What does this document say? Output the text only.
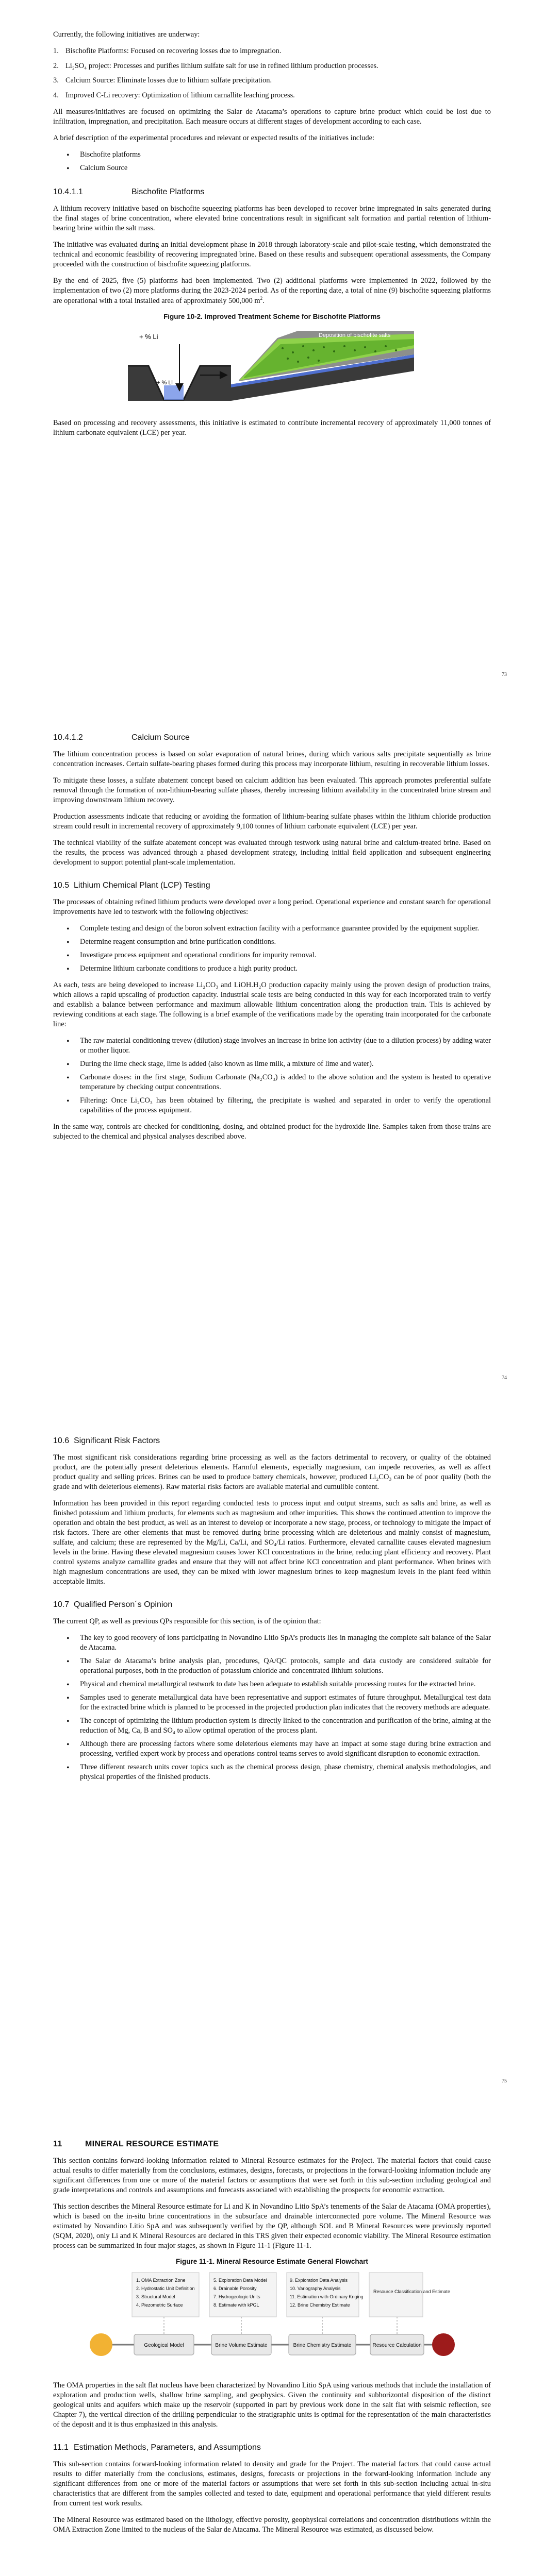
Currently, the following initiatives are underway:

1. Bischofite Platforms: Focused on recovering losses due to impregnation.
2. Li₂SO₄ project: Processes and purifies lithium sulfate salt for use in refined lithium production processes.
3. Calcium Source: Eliminate losses due to lithium sulfate precipitation.
4. Improved C-Li recovery: Optimization of lithium carnallite leaching process.

All measures/initiatives are focused on optimizing the Salar de Atacama’s operations to capture brine product which could be lost due to infiltration, impregnation, and precipitation. Each measure occurs at different stages of development according to each case.

A brief description of the experimental procedures and relevant or expected results of the initiatives include:

• Bischofite platforms
• Calcium Source
10.4.1.1	Bischofite Platforms

A lithium recovery initiative based on bischofite squeezing platforms has been developed to recover brine impregnated in salts generated during the final stages of brine concentration, where elevated brine concentrations result in significant salt formation and partial retention of lithium-bearing brine within the salt mass.

The initiative was evaluated during an initial development phase in 2018 through laboratory-scale and pilot-scale testing, which demonstrated the technical and economic feasibility of recovering impregnated brine. Based on these results and subsequent operational assessments, the Company proceeded with the construction of bischofite squeezing platforms.

By the end of 2025, five (5) platforms had been implemented. Two (2) additional platforms were implemented in 2022, followed by the implementation of two (2) more platforms during the 2023-2024 period. As of the reporting date, a total of nine (9) bischofite squeezing platforms are operational with a total installed area of approximately 500,000 $m^2$.

Figure 10-2. Improved Treatment Scheme for Bischofite Platforms
+ % Li
+ % Li
Deposition of bischofite salts

Based on processing and recovery assessments, this initiative is estimated to contribute incremental recovery of approximately 11,000 tonnes of lithium carbonate equivalent (LCE) per year.

73
10.4.1.2	Calcium Source

The lithium concentration process is based on solar evaporation of natural brines, during which various salts precipitate sequentially as brine concentration increases. Certain sulfate-bearing phases formed during this process may incorporate lithium, resulting in recoverable lithium losses.

To mitigate these losses, a sulfate abatement concept based on calcium addition has been evaluated. This approach promotes preferential sulfate removal through the formation of non-lithium-bearing sulfate phases, thereby increasing lithium availability in the concentrated brine stream and improving downstream lithium recovery.

Production assessments indicate that reducing or avoiding the formation of lithium-bearing sulfate phases within the lithium chloride production stream could result in incremental recovery of approximately 9,100 tonnes of lithium carbonate equivalent (LCE) per year.

The technical viability of the sulfate abatement concept was evaluated through testwork using natural brine and calcium-treated brine. Based on the results, the process was advanced through a phased development strategy, including initial field application and subsequent engineering development to support potential plant-scale implementation.

10.5 Lithium Chemical Plant (LCP) Testing

The processes of obtaining refined lithium products were developed over a long period. Operational experience and constant search for operational improvements have led to testwork with the following objectives:

• Complete testing and design of the boron solvent extraction facility with a performance guarantee provided by the equipment supplier.
• Determine reagent consumption and brine purification conditions.
• Investigate process equipment and operational conditions for impurity removal.
• Determine lithium carbonate conditions to produce a high purity product.

As each, tests are being developed to increase Li₂CO₃ and LiOH.H₂O production capacity mainly using the proven design of production trains, which allows a rapid upscaling of production capacity. Industrial scale tests are being conducted in this way for each incorporated train to verify and establish a balance between performance and maximum allowable lithium concentration along the production train. This is achieved by reviewing conditions at each stage. The following is a brief example of the verifications made by the operating train incorporated for the carbonate line:

• The raw material conditioning trevew (dilution) stage involves an increase in brine ion activity (due to a dilution process) by adding water or mother liquor.
• During the lime check stage, lime is added (also known as lime milk, a mixture of lime and water).
• Carbonate doses: in the first stage, Sodium Carbonate (Na₂CO₃) is added to the above solution and the system is heated to operative temperature by checking output concentrations.
• Filtering: Once Li₂CO₃ has been obtained by filtering, the precipitate is washed and separated in order to verify the operational capabilities of the process equipment.

In the same way, controls are checked for conditioning, dosing, and obtained product for the hydroxide line. Samples taken from those trains are subjected to the chemical and physical analyses described above.

74
10.6 Significant Risk Factors

The most significant risk considerations regarding brine processing as well as the factors detrimental to recovery, or quality of the obtained product, are the potentially present deleterious elements. Harmful elements, especially magnesium, can impede recoveries, as well as affect product quality and selling prices. Brines can be used to produce battery chemicals, however, produced Li₂CO₃ can be of poor quality (both the grade and with deleterious elements). Raw material risks factors are available material and cumulible content.

Information has been provided in this report regarding conducted tests to process input and output streams, such as salts and brine, as well as finished potassium and lithium products, for elements such as magnesium and other impurities. This shows the continued attention to improve the operation and obtain the best product, as well as an interest to develop or incorporate a new stage, process, or technology to mitigate the impact of risk factors. There are other elements that must be removed during brine processing which are deleterious and mainly consist of magnesium, sulfate, and calcium; these are represented by the Mg/Li, Ca/Li, and SO₄/Li ratios. Furthermore, elevated carnallite causes elevated magnesium levels in the brine. Having these elevated magnesium causes lower KCl concentrations in the brine, reducing plant efficiency and recovery. Plant control systems analyze carnallite grades and ensure that they will not affect brine KCl concentration and plant performance. When brines with high magnesium concentrations are used, they can be mixed with lower magnesium brines to keep magnesium levels in the plant feed within acceptable limits.

10.7 Qualified Person´s Opinion

The current QP, as well as previous QPs responsible for this section, is of the opinion that:

• The key to good recovery of ions participating in Novandino Litio SpA’s products lies in managing the complete salt balance of the Salar de Atacama.
• The Salar de Atacama’s brine analysis plan, procedures, QA/QC protocols, sample and data custody are considered suitable for operational purposes, both in the production of potassium chloride and concentrated lithium solutions.
• Physical and chemical metallurgical testwork to date has been adequate to establish suitable processing routes for the extracted brine.
• Samples used to generate metallurgical data have been representative and support estimates of future throughput. Metallurgical test data for the extracted brine which is planned to be processed in the projected production plan indicates that the recovery methods are adequate.
• The concept of optimizing the lithium production system is directly linked to the concentration and purification of the brine, aiming at the reduction of Mg, Ca, B and SO₄ to allow optimal operation of the process plant.
• Although there are processing factors where some deleterious elements may have an impact at some stage during brine extraction and processing, verified expert work by process and operations control teams serves to avoid significant disruption to economic extraction.
• Three different research units cover topics such as the chemical process design, phase chemistry, chemical analysis methodologies, and physical properties of the finished products.
75
11	MINERAL RESOURCE ESTIMATE

This section contains forward-looking information related to Mineral Resource estimates for the Project. The material factors that could cause actual results to differ materially from the conclusions, estimates, designs, forecasts, or projections in the forward-looking information include any significant differences from one or more of the material factors or assumptions that were set forth in this sub-section including geological and grade interpretations and controls and assumptions and forecasts associated with establishing the prospects for economic extraction.

This section describes the Mineral Resource estimate for Li and K in Novandino Litio SpA’s tenements of the Salar de Atacama (OMA properties), which is based on the in-situ brine concentrations in the subsurface and drainable interconnected pore volume. The Mineral Resource was estimated by Novandino Litio SpA and was subsequently verified by the QP, although SOL and B Mineral Resources were previously reported (SQM, 2020), only Li and K Mineral Resources are declared in this TRS given their expected economic viability. The Mineral Resource estimation process can be summarized in four major stages, as shown in Figure 11-1 (Figure 11-1.

Figure 11-1. Mineral Resource Estimate General Flowchart
1. OMA Extraction Zone
2. Hydrostatic Unit Definition
3. Structural Model
4. Piezometric Surface
5. Exploration Data Model
6. Drainable Porosity
7. Hydrogeologic Units
8. Estimate with kPGL
9. Exploration Data Analysis
10. Variography Analysis
11. Estimation with Ordinary Kriging
12. Brine Chemistry Estimate
Resource Classification and Estimate
Geological Model	Brine Volume Estimate	Brine Chemistry Estimate	Resource Calculation

The OMA properties in the salt flat nucleus have been characterized by Novandino Litio SpA using various methods that include the installation of exploration and production wells, shallow brine sampling, and geophysics. Given the continuity and subhorizontal disposition of the distinct geological units and aquifers which make up the reservoir (supported in part by previous work done in the salt flat with seismic reflection, see Chapter 7), the vertical direction of the drilling perpendicular to the stratigraphic units is optimal for the representation of the main characteristics of the deposit and it is thus emphasized in this analysis.

11.1 Estimation Methods, Parameters, and Assumptions

This sub-section contains forward-looking information related to density and grade for the Project. The material factors that could cause actual results to differ materially from the conclusions, estimates, designs, forecasts or projections in the forward-looking information include any significant differences from one or more of the material factors or assumptions that were set forth in this sub-section including actual in-situ characteristics that are different from the samples collected and tested to date, equipment and operational performance that yield different results from current test work results.

The Mineral Resource was estimated based on the lithology, effective porosity, geophysical correlations and concentration distributions within the OMA Extraction Zone limited to the nucleus of the Salar de Atacama. The Mineral Resource was estimated, as discussed below.
